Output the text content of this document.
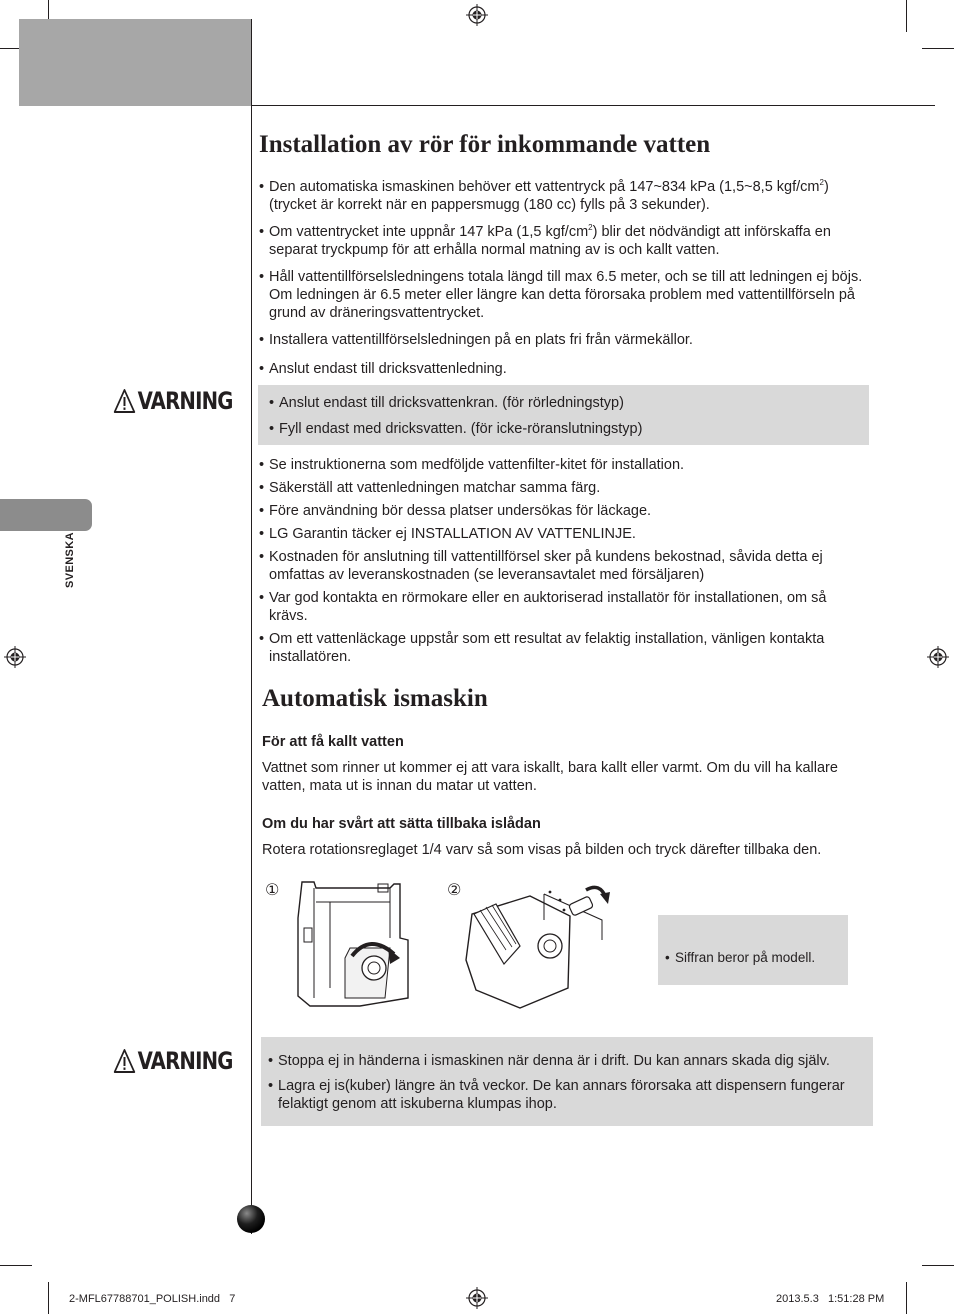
SVENSKA
Installation av rör för inkommande vatten
• Den automatiska ismaskinen behöver ett vattentryck på 147~834 kPa (1,5~8,5 kgf/$cm^2$)
(trycket är korrekt när en pappersmugg (180 cc) fylls på 3 sekunder).
• Om vattentrycket inte uppnår 147 kPa (1,5 kgf/$cm^2$) blir det nödvändigt att införskaffa en
separat tryckpump för att erhålla normal matning av is och kallt vatten.
• Håll vattentillförselsledningens totala längd till max 6.5 meter, och se till att ledningen ej böjs. Om ledningen är 6.5 meter eller längre kan detta förorsaka problem med vattentillförseln på grund av dräneringsvattentrycket.
• Installera vattentillförselsledningen på en plats fri från värmekällor.
• Anslut endast till dricksvattenledning.
VARNING	• Anslut endast till dricksvattenkran. (för rörledningstyp)
• Fyll endast med dricksvatten. (för icke-röranslutningstyp)
• Se instruktionerna som medföljde vattenfilter-kitet för installation.
• Säkerställ att vattenledningen matchar samma färg.
• Före användning bör dessa platser undersökas för läckage.
• LG Garantin täcker ej INSTALLATION AV VATTENLINJE.
• Kostnaden för anslutning till vattentillförsel sker på kundens bekostnad, såvida detta ej omfattas av leveranskostnaden (se leveransavtalet med försäljaren)
• Var god kontakta en rörmokare eller en auktoriserad installatör för installationen, om så krävs.
• Om ett vattenläckage uppstår som ett resultat av felaktig installation, vänligen kontakta installatören.
Automatisk ismaskin
För att få kallt vatten
Vattnet som rinner ut kommer ej att vara iskallt, bara kallt eller varmt. Om du vill ha kallare vatten, mata ut is innan du matar ut vatten.
Om du har svårt att sätta tillbaka islådan
Rotera rotationsreglaget 1/4 varv så som visas på bilden och tryck därefter tillbaka den.
①	②
• Siffran beror på modell.
VARNING	• Stoppa ej in händerna i ismaskinen när denna är i drift. Du kan annars skada dig själv.
• Lagra ej is(kuber) längre än två veckor. De kan annars förorsaka att dispensern fungerar felaktigt genom att iskuberna klumpas ihop.
2-MFL67788701_POLISH.indd   7	2013.5.3   1:51:28 PM
